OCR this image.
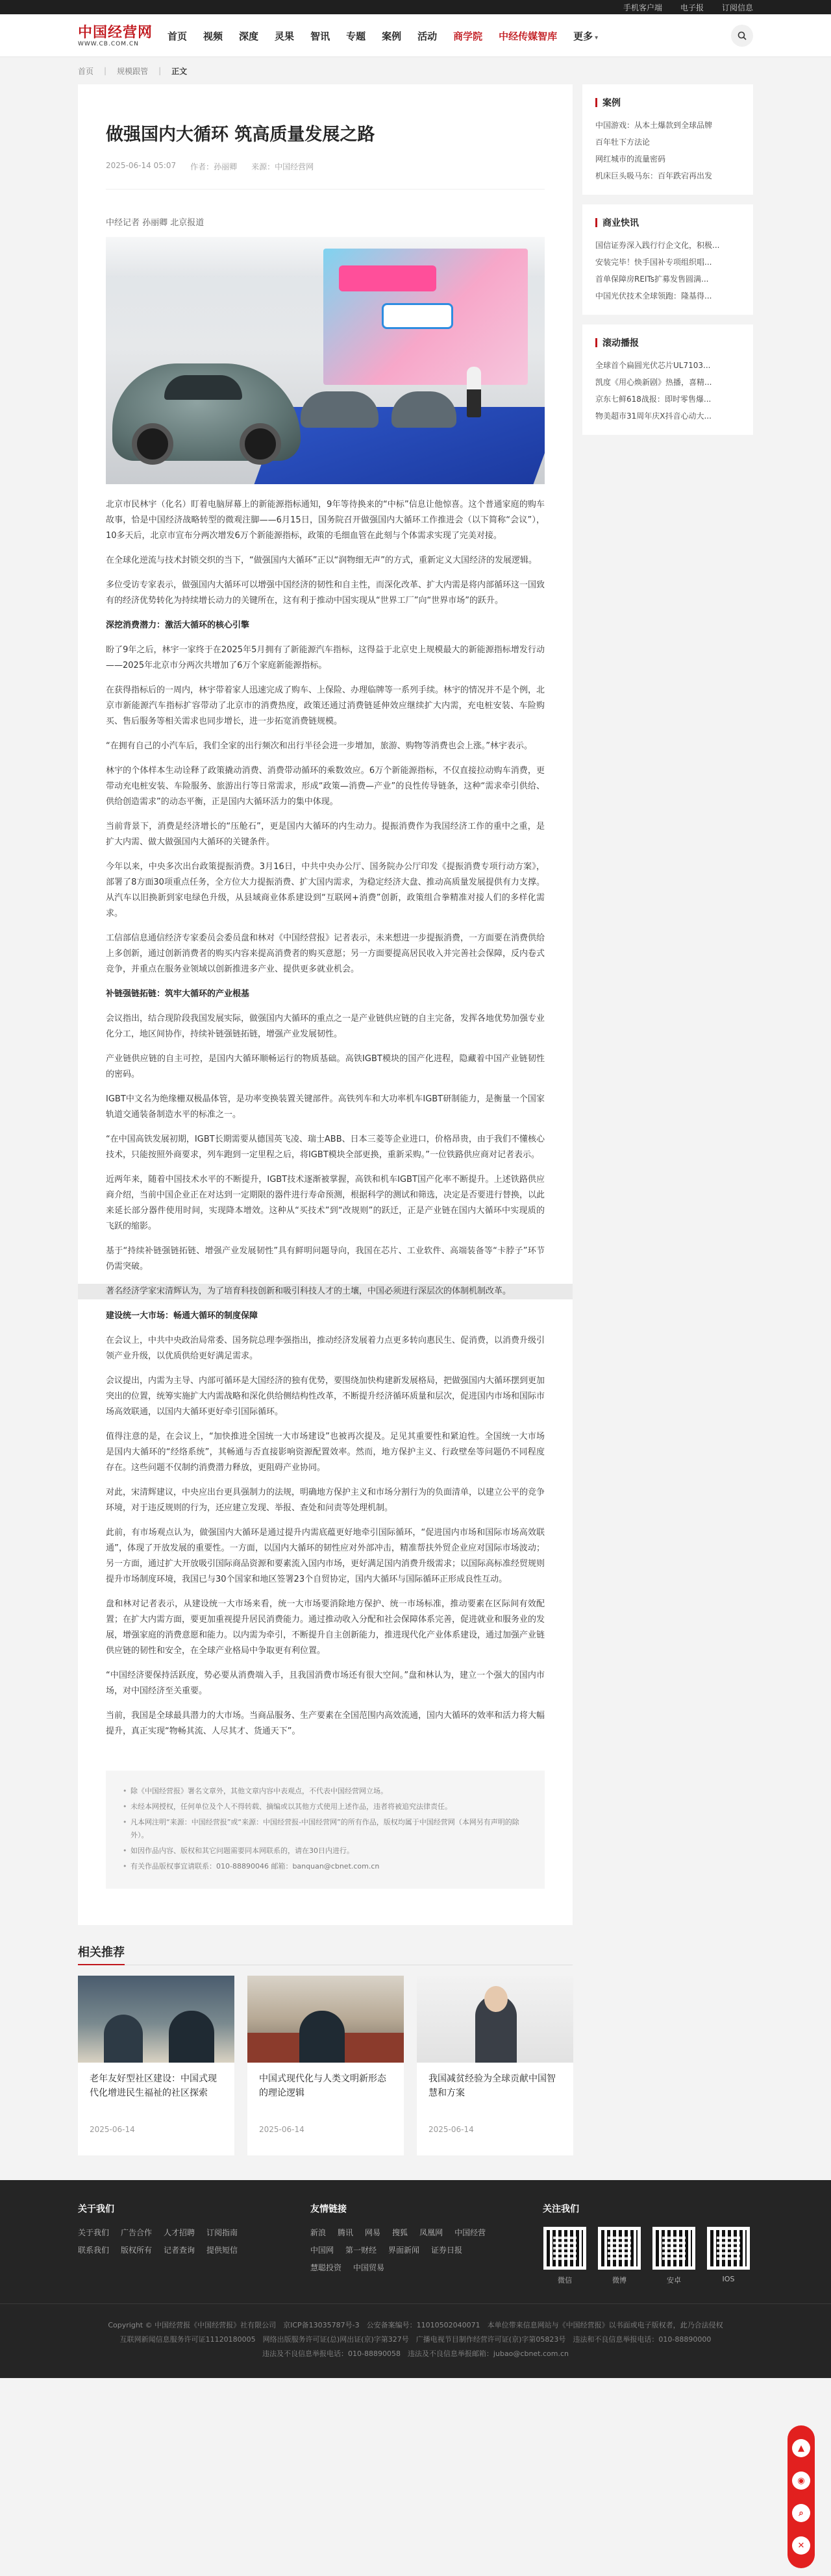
手机客户端 电子报 订阅信息
中国经营网
WWW.CB.COM.CN
首页 视频 深度 灵果 智讯 专题 案例 活动 商学院 中经传媒智库 更多 ▾
首页 | 规模跟管 | 正文
做强国内大循环 筑高质量发展之路
2025-06-14 05:07 作者：孙丽卿 来源：中国经营网
中经记者 孙丽卿 北京报道

北京市民林宇（化名）盯着电脑屏幕上的新能源指标通知，9年等待换来的“中标”信息让他惊喜。这个普通家庭的购车故事，恰是中国经济战略转型的微观注脚——6月15日，国务院召开做强国内大循环工作推进会（以下简称“会议”），10多天后，北京市宣布分两次增发6万个新能源指标，政策的毛细血管在此刻与个体需求实现了完美对接。

在全球化逆流与技术封锁交织的当下，“做强国内大循环”正以“润物细无声”的方式，重新定义大国经济的发展逻辑。

多位受访专家表示，做强国内大循环可以增强中国经济的韧性和自主性，而深化改革、扩大内需是将内部循环这一国致有的经济优势转化为持续增长动力的关键所在，这有利于推动中国实现从“世界工厂”向“世界市场”的跃升。

深挖消费潜力：激活大循环的核心引擎

盼了9年之后，林宇一家终于在2025年5月拥有了新能源汽车指标，这得益于北京史上规模最大的新能源指标增发行动——2025年北京市分两次共增加了6万个家庭新能源指标。

在获得指标后的一周内，林宇带着家人迅速完成了购车、上保险、办理临牌等一系列手续。林宇的情况并不是个例，北京市新能源汽车指标扩容带动了北京市的消费热度，政策还通过消费链延伸效应继续扩大内需，充电桩安装、车险购买、售后服务等相关需求也同步增长，进一步拓宽消费链规模。

“在拥有自己的小汽车后，我们全家的出行频次和出行半径会进一步增加，旅游、购物等消费也会上涨。”林宇表示。

林宇的个体样本生动诠释了政策撬动消费、消费带动循环的乘数效应。6万个新能源指标，不仅直接拉动购车消费，更带动充电桩安装、车险服务、旅游出行等日常需求，形成“政策—消费—产业”的良性传导链条，这种“需求牵引供给、供给创造需求”的动态平衡，正是国内大循环活力的集中体现。

当前背景下，消费是经济增长的“压舱石”，更是国内大循环的内生动力。提振消费作为我国经济工作的重中之重，是扩大内需、做大做强国内大循环的关键条件。

今年以来，中央多次出台政策提振消费。3月16日，中共中央办公厅、国务院办公厅印发《提振消费专项行动方案》，部署了8方面30项重点任务，全方位大力提振消费、扩大国内需求，为稳定经济大盘、推动高质量发展提供有力支撑。从汽车以旧换新到家电绿色升级，从县域商业体系建设到“互联网+消费”创新，政策组合拳精准对接人们的多样化需求。

工信部信息通信经济专家委员会委员盘和林对《中国经营报》记者表示，未来想进一步提振消费，一方面要在消费供给上多创新，通过创新消费者的购买内容来提高消费者的购买意愿；另一方面要提高居民收入并完善社会保障，反内卷式竞争，并重点在服务业领域以创新推进多产业、提供更多就业机会。

补链强链拓链：筑牢大循环的产业根基

会议指出，结合现阶段我国发展实际，做强国内大循环的重点之一是产业链供应链的自主完备，发挥各地优势加强专业化分工，地区间协作，持续补链强链拓链，增强产业发展韧性。

产业链供应链的自主可控，是国内大循环顺畅运行的物质基础。高铁IGBT模块的国产化进程，隐藏着中国产业链韧性的密码。

IGBT中文名为绝缘栅双极晶体管，是功率变换装置关键部件。高铁列车和大功率机车IGBT研制能力，是衡量一个国家轨道交通装备制造水平的标准之一。

“在中国高铁发展初期，IGBT长期需要从德国英飞凌、瑞士ABB、日本三菱等企业进口，价格昂贵，由于我们不懂核心技术，只能按照外商要求，列车跑到一定里程之后，将IGBT模块全部更换，重新采购。”一位铁路供应商对记者表示。

近两年来，随着中国技术水平的不断提升，IGBT技术逐渐被掌握，高铁和机车IGBT国产化率不断提升。上述铁路供应商介绍，当前中国企业正在对达到一定期限的器件进行寿命预测，根据科学的测试和筛选，决定是否要进行替换，以此来延长部分器件使用时间，实现降本增效。这种从“买技术”到“改规则”的跃迁，正是产业链在国内大循环中实现质的飞跃的缩影。

基于“持续补链强链拓链、增强产业发展韧性”具有鲜明问题导向，我国在芯片、工业软件、高端装备等“卡脖子”环节仍需突破。

著名经济学家宋清辉认为，为了培育科技创新和吸引科技人才的土壤，中国必须进行深层次的体制机制改革。

建设统一大市场：畅通大循环的制度保障

在会议上，中共中央政治局常委、国务院总理李强指出，推动经济发展着力点更多转向惠民生、促消费，以消费升级引领产业升级，以优质供给更好满足需求。

会议提出，内需为主导、内部可循环是大国经济的独有优势，要围绕加快构建新发展格局，把做强国内大循环摆到更加突出的位置，统筹实施扩大内需战略和深化供给侧结构性改革，不断提升经济循环质量和层次，促进国内市场和国际市场高效联通，以国内大循环更好牵引国际循环。

值得注意的是，在会议上，“加快推进全国统一大市场建设”也被再次提及。足见其重要性和紧迫性。全国统一大市场是国内大循环的“经络系统”，其畅通与否直接影响资源配置效率。然而，地方保护主义、行政壁垒等问题仍不同程度存在。这些问题不仅制约消费潜力释放，更阻碍产业协同。

对此，宋清辉建议，中央应出台更具强制力的法规，明确地方保护主义和市场分割行为的负面清单，以建立公平的竞争环境，对于违反规则的行为，还应建立发现、举报、查处和问责等处理机制。

此前，有市场观点认为，做强国内大循环是通过提升内需底蕴更好地牵引国际循环，“促进国内市场和国际市场高效联通”，体现了开放发展的重要性。一方面，以国内大循环的韧性应对外部冲击，精准帮扶外贸企业应对国际市场波动；另一方面，通过扩大开放吸引国际商品资源和要素流入国内市场，更好满足国内消费升级需求；以国际高标准经贸规则提升市场制度环境，我国已与30个国家和地区签署23个自贸协定，国内大循环与国际循环正形成良性互动。

盘和林对记者表示，从建设统一大市场来看，统一大市场要消除地方保护、统一市场标准，推动要素在区际间有效配置；在扩大内需方面，要更加重视提升居民消费能力。通过推动收入分配和社会保障体系完善，促进就业和服务业的发展，增强家庭的消费意愿和能力。以内需为牵引，不断提升自主创新能力，推进现代化产业体系建设，通过加强产业链供应链的韧性和安全，在全球产业格局中争取更有利位置。

“中国经济要保持活跃度，势必要从消费端入手，且我国消费市场还有很大空间。”盘和林认为，建立一个强大的国内市场，对中国经济至关重要。

当前，我国是全球最具潜力的大市场。当商品服务、生产要素在全国范围内高效流通，国内大循环的效率和活力将大幅提升，真正实现“物畅其流、人尽其才、货通天下”。

• 除《中国经营报》署名文章外，其他文章内容中表观点，不代表中国经营网立场。
• 未经本网授权，任何单位及个人不得转载、摘编或以其他方式使用上述作品，违者将被追究法律责任。
• 凡本网注明“来源：中国经营报”或“来源：中国经营报-中国经营网”的所有作品，版权均属于中国经营网（本网另有声明的除外）。
• 如因作品内容、版权和其它问题需要同本网联系的，请在30日内进行。
• 有关作品版权事宜请联系：010-88890046 邮箱：banquan@cbnet.com.cn
相关推荐
老年友好型社区建设：中国式现代化增进民生福祉的社区探索
2025-06-14
中国式现代化与人类文明新形态的理论逻辑
2025-06-14
我国减贫经验为全球贡献中国智慧和方案
2025-06-14
案例
中国游戏：从本土爆款到全球品牌
百年牡下方法论
网红城市的流量密码
机床巨头吸马东：百年跌宕再出发
商业快讯
国信证券深入践行行企文化，积极...
安装完毕！快手国补专项组织唱...
首单保障房REITs扩募发售圆满...
中国光伏技术全球领跑：隆基得...
滚动播报
全球首个扁圆光伏芯片UL7103...
凯度《用心焕新剧》热播，喜精...
京东七鲜618战报：即时零售爆...
物美超市31周年庆X抖音心动大...
关于我们
关于我们 广告合作 人才招聘 订阅指南
联系我们 版权所有 记者查询 提供短信
友情链接
新浪 腾讯 网易 搜狐 凤凰网 中国经营
中国网 第一财经 界面新闻 证券日报
慧聪投资 中国贸易
关注我们
微信	微博	安卓	IOS
Copyright © 中国经营报《中国经营报》社有限公司　京ICP备13035787号-3　公安备案编号：11010502040071　本单位带来信息网站与《中国经营报》以书面或电子版权者，此乃合法侵权
互联网新闻信息服务许可证11120180005　网络出版服务许可证(总)网出证(京)字第327号　广播电视节目制作经营许可证(京)字第05823号　违法和不良信息举报电话：010-88890000
违法及不良信息举报电话：010-88890058　违法及不良信息举报邮箱：jubao@cbnet.com.cn
▲
◉
⌕
✕
